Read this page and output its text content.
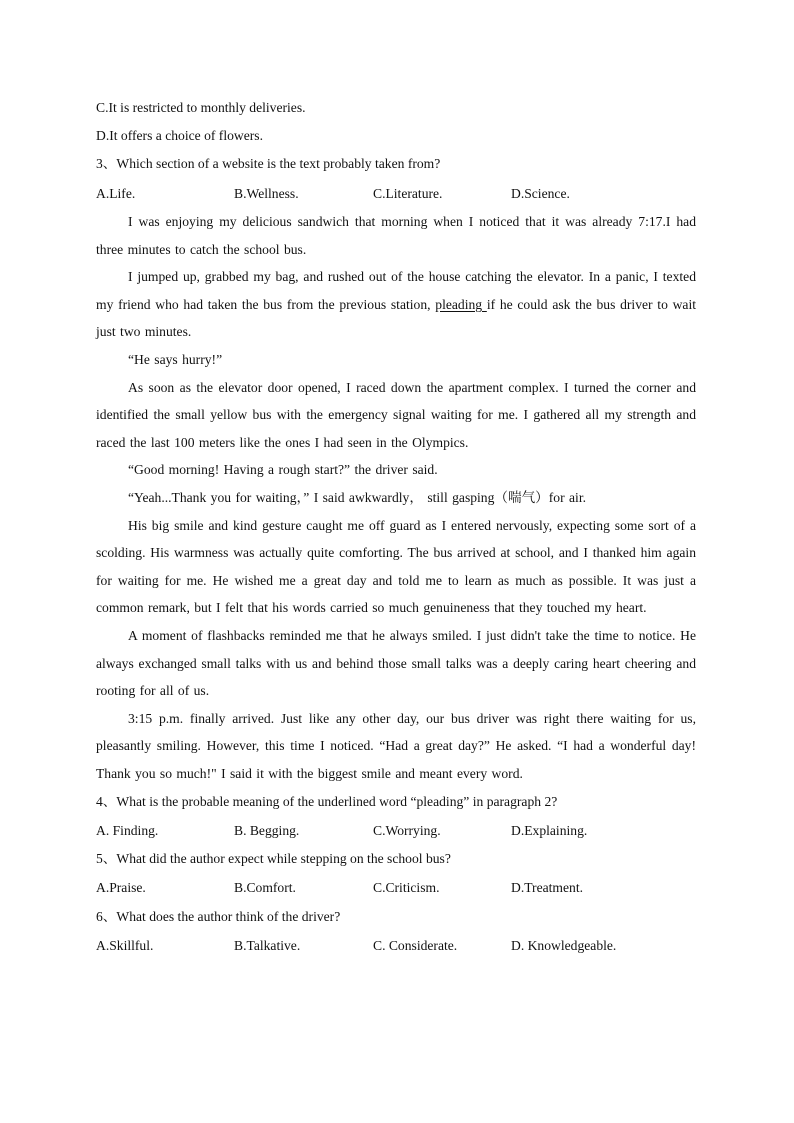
C.It is restricted to monthly deliveries.
D.It offers a choice of flowers.
3、Which section of a website is the text probably taken from?
A.Life.	B.Wellness.	C.Literature.	D.Science.
I was enjoying my delicious sandwich that morning when I noticed that it was already 7:17.I had three minutes to catch the school bus.
I jumped up, grabbed my bag, and rushed out of the house catching the elevator. In a panic, I texted my friend who had taken the bus from the previous station, pleading if he could ask the bus driver to wait just two minutes.
“He says hurry!”
As soon as the elevator door opened, I raced down the apartment complex. I turned the corner and identified the small yellow bus with the emergency signal waiting for me. I gathered all my strength and raced the last 100 meters like the ones I had seen in the Olympics.
“Good morning! Having a rough start?” the driver said.
“Yeah...Thank you for waiting，” I said awkwardly， still gasping（喘气）for air.
His big smile and kind gesture caught me off guard as I entered nervously, expecting some sort of a scolding. His warmness was actually quite comforting. The bus arrived at school, and I thanked him again for waiting for me. He wished me a great day and told me to learn as much as possible. It was just a common remark, but I felt that his words carried so much genuineness that they touched my heart.
A moment of flashbacks reminded me that he always smiled. I just didn't take the time to notice. He always exchanged small talks with us and behind those small talks was a deeply caring heart cheering and rooting for all of us.
3:15 p.m. finally arrived. Just like any other day, our bus driver was right there waiting for us, pleasantly smiling. However, this time I noticed. “Had a great day?” He asked. “I had a wonderful day! Thank you so much!" I said it with the biggest smile and meant every word.
4、What is the probable meaning of the underlined word “pleading” in paragraph 2?
A. Finding.	B. Begging.	C.Worrying.	D.Explaining.
5、What did the author expect while stepping on the school bus?
A.Praise.	B.Comfort.	C.Criticism.	D.Treatment.
6、What does the author think of the driver?
A.Skillful.	B.Talkative.	C. Considerate.	D. Knowledgeable.
